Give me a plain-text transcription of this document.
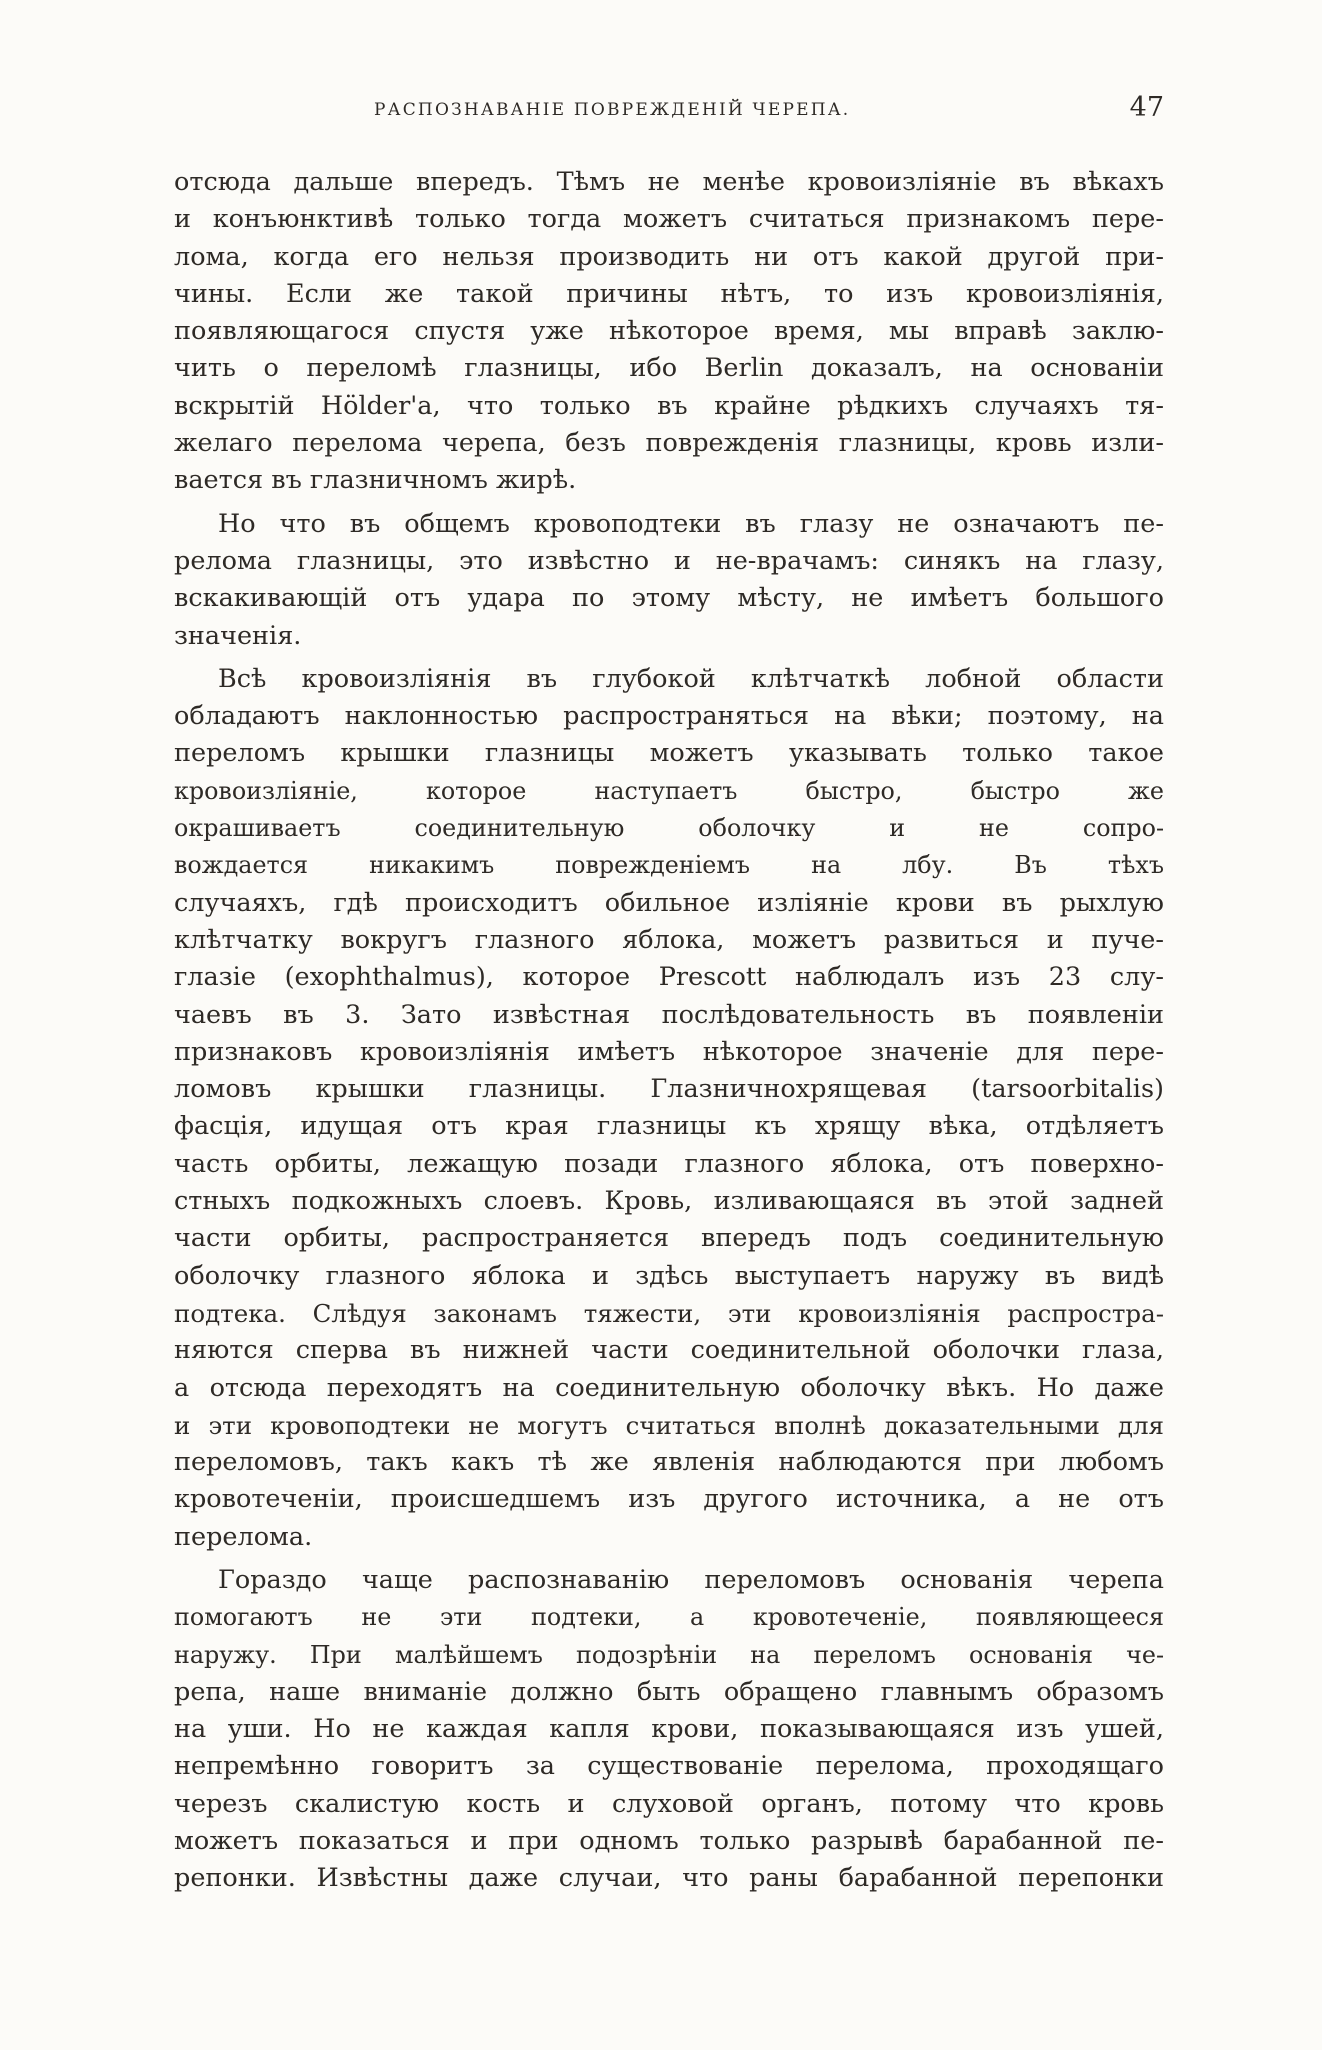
РАСПОЗНАВАНІЕ ПОВРЕЖДЕНІЙ ЧЕРЕПА.	47
отсюда дальше впередъ. Тѣмъ не менѣе кровоизліяніе въ вѣкахъ
и конъюнктивѣ только тогда можетъ считаться признакомъ пере-
лома, когда его нельзя производить ни отъ какой другой при-
чины. Если же такой причины нѣтъ, то изъ кровоизліянія,
появляющагося спустя уже нѣкоторое время, мы вправѣ заклю-
чить о переломѣ глазницы, ибо Berlin доказалъ, на основаніи
вскрытій Hölder'а, что только въ крайне рѣдкихъ случаяхъ тя-
желаго перелома черепа, безъ поврежденія глазницы, кровь изли-
вается въ глазничномъ жирѣ.
Но что въ общемъ кровоподтеки въ глазу не означаютъ пе-
релома глазницы, это извѣстно и не-врачамъ: синякъ на глазу,
вскакивающій отъ удара по этому мѣсту, не имѣетъ большого
значенія.
Всѣ кровоизліянія въ глубокой клѣтчаткѣ лобной области
обладаютъ наклонностью распространяться на вѣки; поэтому, на
переломъ крышки глазницы можетъ указывать только такое
кровоизліяніе, которое наступаетъ быстро, быстро же
окрашиваетъ соединительную оболочку и не сопро-
вождается никакимъ поврежденіемъ на лбу. Въ тѣхъ
случаяхъ, гдѣ происходитъ обильное изліяніе крови въ рыхлую
клѣтчатку вокругъ глазного яблока, можетъ развиться и пуче-
глазіе (exophthalmus), которое Prescott наблюдалъ изъ 23 слу-
чаевъ въ 3. Зато извѣстная послѣдовательность въ появленіи
признаковъ кровоизліянія имѣетъ нѣкоторое значеніе для пере-
ломовъ крышки глазницы. Глазничнохрящевая (tarsoorbitalis)
фасція, идущая отъ края глазницы къ хрящу вѣка, отдѣляетъ
часть орбиты, лежащую позади глазного яблока, отъ поверхно-
стныхъ подкожныхъ слоевъ. Кровь, изливающаяся въ этой задней
части орбиты, распространяется впередъ подъ соединительную
оболочку глазного яблока и здѣсь выступаетъ наружу въ видѣ
подтека. Слѣдуя законамъ тяжести, эти кровоизліянія распростра-
няются сперва въ нижней части соединительной оболочки глаза,
а отсюда переходятъ на соединительную оболочку вѣкъ. Но даже
и эти кровоподтеки не могутъ считаться вполнѣ доказательными для
переломовъ, такъ какъ тѣ же явленія наблюдаются при любомъ
кровотеченіи, происшедшемъ изъ другого источника, а не отъ
перелома.
Гораздо чаще распознаванію переломовъ основанія черепа
помогаютъ не эти подтеки, а кровотеченіе, появляющееся
наружу. При малѣйшемъ подозрѣніи на переломъ основанія че-
репа, наше вниманіе должно быть обращено главнымъ образомъ
на уши. Но не каждая капля крови, показывающаяся изъ ушей,
непремѣнно говоритъ за существованіе перелома, проходящаго
черезъ скалистую кость и слуховой органъ, потому что кровь
можетъ показаться и при одномъ только разрывѣ барабанной пе-
репонки. Извѣстны даже случаи, что раны барабанной перепонки
